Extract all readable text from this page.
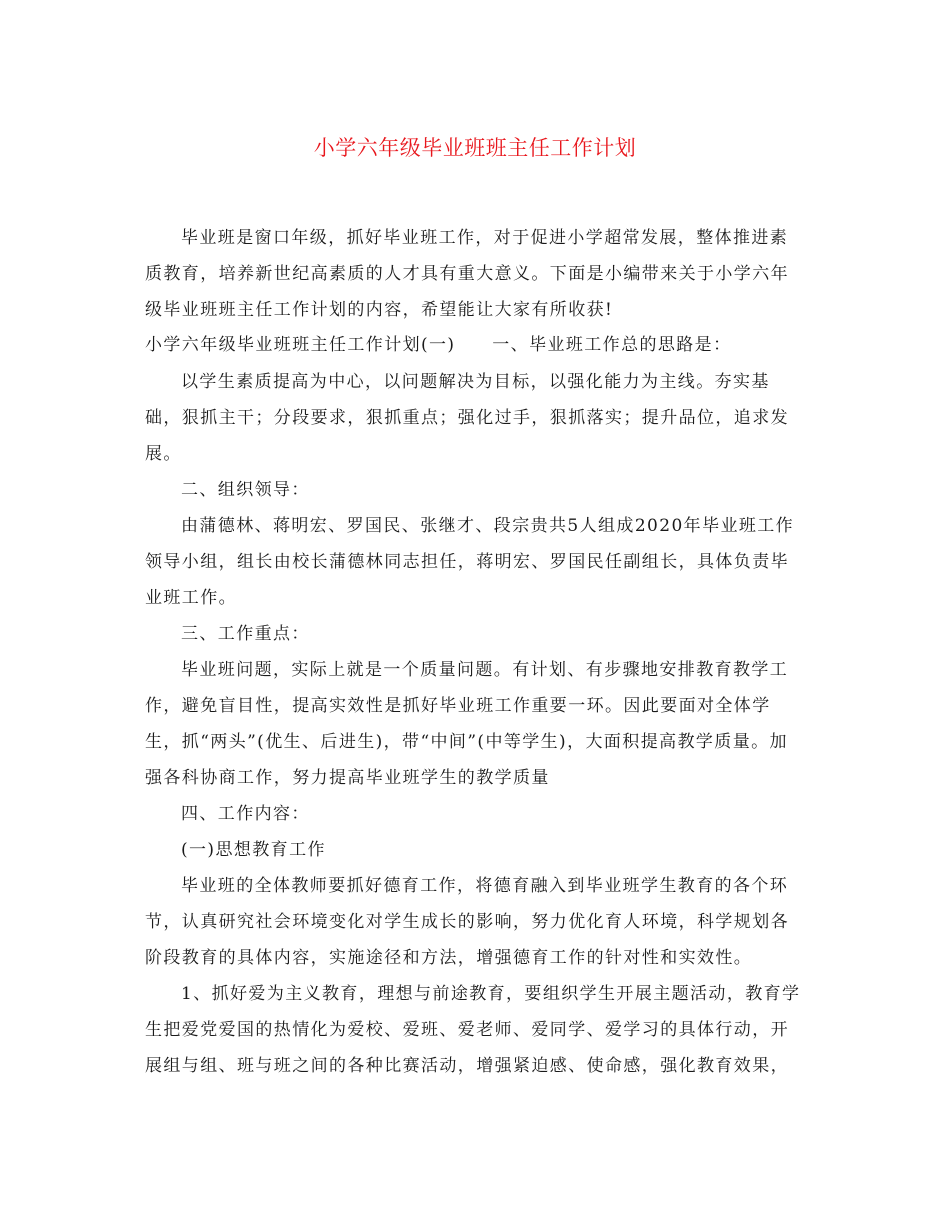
小学六年级毕业班班主任工作计划
毕业班是窗口年级，抓好毕业班工作，对于促进小学超常发展，整体推进素
质教育，培养新世纪高素质的人才具有重大意义。下面是小编带来关于小学六年
级毕业班班主任工作计划的内容，希望能让大家有所收获!
小学六年级毕业班班主任工作计划(一)　　一、毕业班工作总的思路是：
以学生素质提高为中心，以问题解决为目标，以强化能力为主线。夯实基
础，狠抓主干；分段要求，狠抓重点；强化过手，狠抓落实；提升品位，追求发
展。
二、组织领导：
由蒲德林、蒋明宏、罗国民、张继才、段宗贵共5人组成2020年毕业班工作
领导小组，组长由校长蒲德林同志担任，蒋明宏、罗国民任副组长，具体负责毕
业班工作。
三、工作重点：
毕业班问题，实际上就是一个质量问题。有计划、有步骤地安排教育教学工
作，避免盲目性，提高实效性是抓好毕业班工作重要一环。因此要面对全体学
生，抓“两头”(优生、后进生)，带“中间”(中等学生)，大面积提高教学质量。加
强各科协商工作，努力提高毕业班学生的教学质量
四、工作内容：
(一)思想教育工作
毕业班的全体教师要抓好德育工作，将德育融入到毕业班学生教育的各个环
节，认真研究社会环境变化对学生成长的影响，努力优化育人环境，科学规划各
阶段教育的具体内容，实施途径和方法，增强德育工作的针对性和实效性。
1、抓好爱为主义教育，理想与前途教育，要组织学生开展主题活动，教育学
生把爱党爱国的热情化为爱校、爱班、爱老师、爱同学、爱学习的具体行动，开
展组与组、班与班之间的各种比赛活动，增强紧迫感、使命感，强化教育效果，
